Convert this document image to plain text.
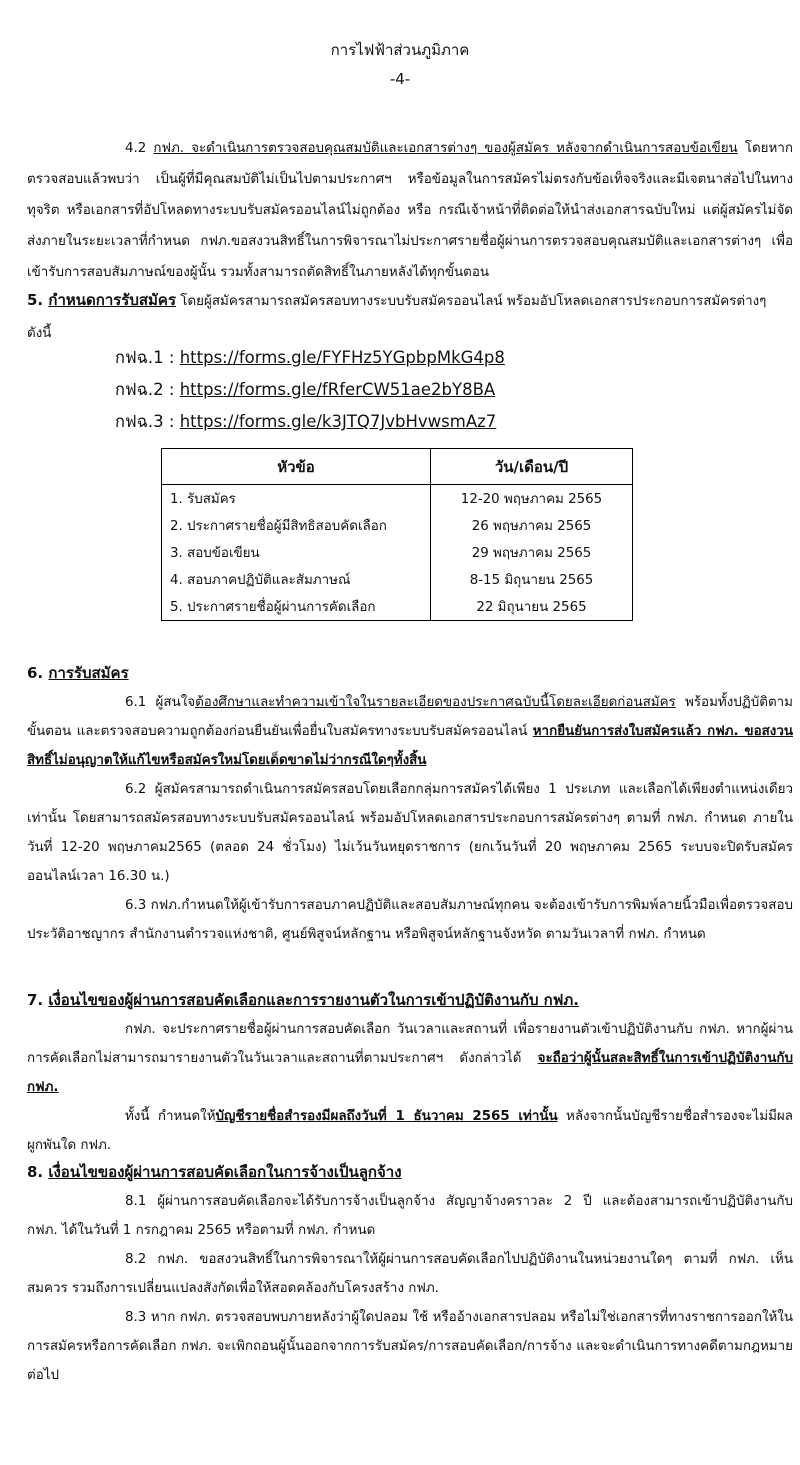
การไฟฟ้าส่วนภูมิภาค
-4-

4.2 กฟภ. จะดำเนินการตรวจสอบคุณสมบัติและเอกสารต่างๆ ของผู้สมัคร หลังจากดำเนินการสอบข้อเขียน โดยหากตรวจสอบแล้วพบว่า เป็นผู้ที่มีคุณสมบัติไม่เป็นไปตามประกาศฯ หรือข้อมูลในการสมัครไม่ตรงกับข้อเท็จจริงและมีเจตนาส่อไปในทางทุจริต หรือเอกสารที่อัปโหลดทางระบบรับสมัครออนไลน์ไม่ถูกต้อง หรือ กรณีเจ้าหน้าที่ติดต่อให้นำส่งเอกสารฉบับใหม่ แต่ผู้สมัครไม่จัดส่งภายในระยะเวลาที่กำหนด กฟภ.ขอสงวนสิทธิ์ในการพิจารณาไม่ประกาศรายชื่อผู้ผ่านการตรวจสอบคุณสมบัติและเอกสารต่างๆ เพื่อเข้ารับการสอบสัมภาษณ์ของผู้นั้น รวมทั้งสามารถตัดสิทธิ์ในภายหลังได้ทุกขั้นตอน

5. กำหนดการรับสมัคร โดยผู้สมัครสามารถสมัครสอบทางระบบรับสมัครออนไลน์ พร้อมอัปโหลดเอกสารประกอบการสมัครต่างๆ ดังนี้
กฟฉ.1 : https://forms.gle/FYFHz5YGpbpMkG4p8
กฟฉ.2 : https://forms.gle/fRferCW51ae2bY8BA
กฟฉ.3 : https://forms.gle/k3JTQ7JvbHvwsmAz7
หัวข้อ	วัน/เดือน/ปี
1. รับสมัคร	12-20 พฤษภาคม 2565
2. ประกาศรายชื่อผู้มีสิทธิสอบคัดเลือก	26 พฤษภาคม 2565
3. สอบข้อเขียน	29 พฤษภาคม 2565
4. สอบภาคปฏิบัติและสัมภาษณ์	8-15 มิถุนายน 2565
5. ประกาศรายชื่อผู้ผ่านการคัดเลือก	22 มิถุนายน 2565
6. การรับสมัคร

6.1 ผู้สนใจต้องศึกษาและทำความเข้าใจในรายละเอียดของประกาศฉบับนี้โดยละเอียดก่อนสมัคร พร้อมทั้งปฏิบัติตามขั้นตอน และตรวจสอบความถูกต้องก่อนยืนยันเพื่อยื่นใบสมัครทางระบบรับสมัครออนไลน์ หากยืนยันการส่งใบสมัครแล้ว กฟภ. ขอสงวนสิทธิ์ไม่อนุญาตให้แก้ไขหรือสมัครใหม่โดยเด็ดขาดไม่ว่ากรณีใดๆทั้งสิ้น

6.2 ผู้สมัครสามารถดำเนินการสมัครสอบโดยเลือกกลุ่มการสมัครได้เพียง 1 ประเภท และเลือกได้เพียงตำแหน่งเดียวเท่านั้น โดยสามารถสมัครสอบทางระบบรับสมัครออนไลน์ พร้อมอัปโหลดเอกสารประกอบการสมัครต่างๆ ตามที่ กฟภ. กำหนด ภายในวันที่ 12-20 พฤษภาคม2565 (ตลอด 24 ชั่วโมง) ไม่เว้นวันหยุดราชการ (ยกเว้นวันที่ 20 พฤษภาคม 2565 ระบบจะปิดรับสมัครออนไลน์เวลา 16.30 น.)

6.3 กฟภ.กำหนดให้ผู้เข้ารับการสอบภาคปฏิบัติและสอบสัมภาษณ์ทุกคน จะต้องเข้ารับการพิมพ์ลายนิ้วมือเพื่อตรวจสอบประวัติอาชญากร สำนักงานตำรวจแห่งชาติ, ศูนย์พิสูจน์หลักฐาน หรือพิสูจน์หลักฐานจังหวัด ตามวันเวลาที่ กฟภ. กำหนด

7. เงื่อนไขของผู้ผ่านการสอบคัดเลือกและการรายงานตัวในการเข้าปฏิบัติงานกับ กฟภ.

กฟภ. จะประกาศรายชื่อผู้ผ่านการสอบคัดเลือก วันเวลาและสถานที่ เพื่อรายงานตัวเข้าปฏิบัติงานกับ กฟภ. หากผู้ผ่านการคัดเลือกไม่สามารถมารายงานตัวในวันเวลาและสถานที่ตามประกาศฯ ดังกล่าวได้ จะถือว่าผู้นั้นสละสิทธิ์ในการเข้าปฏิบัติงานกับ กฟภ.

ทั้งนี้ กำหนดให้บัญชีรายชื่อสำรองมีผลถึงวันที่ 1 ธันวาคม 2565 เท่านั้น หลังจากนั้นบัญชีรายชื่อสำรองจะไม่มีผลผูกพันใด กฟภ.

8. เงื่อนไขของผู้ผ่านการสอบคัดเลือกในการจ้างเป็นลูกจ้าง

8.1 ผู้ผ่านการสอบคัดเลือกจะได้รับการจ้างเป็นลูกจ้าง สัญญาจ้างคราวละ 2 ปี และต้องสามารถเข้าปฏิบัติงานกับ กฟภ. ได้ในวันที่ 1 กรกฎาคม 2565 หรือตามที่ กฟภ. กำหนด

8.2 กฟภ. ขอสงวนสิทธิ์ในการพิจารณาให้ผู้ผ่านการสอบคัดเลือกไปปฏิบัติงานในหน่วยงานใดๆ ตามที่ กฟภ. เห็นสมควร รวมถึงการเปลี่ยนแปลงสังกัดเพื่อให้สอดคล้องกับโครงสร้าง กฟภ.

8.3 หาก กฟภ. ตรวจสอบพบภายหลังว่าผู้ใดปลอม ใช้ หรืออ้างเอกสารปลอม หรือไม่ใช่เอกสารที่ทางราชการออกให้ในการสมัครหรือการคัดเลือก กฟภ. จะเพิกถอนผู้นั้นออกจากการรับสมัคร/การสอบคัดเลือก/การจ้าง และจะดำเนินการทางคดีตามกฎหมายต่อไป
